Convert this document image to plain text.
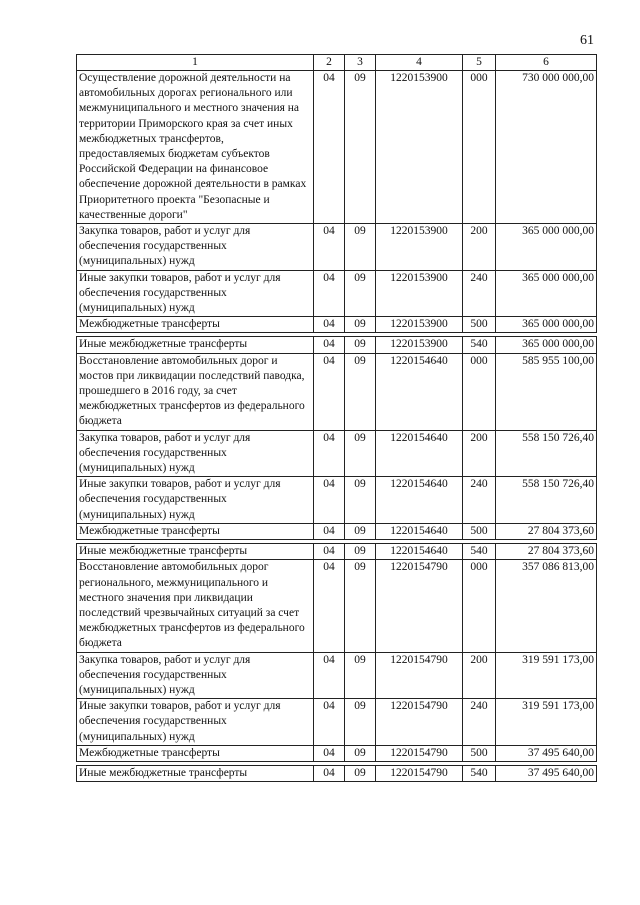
61
1	2	3	4	5	6
Осуществление дорожной деятельности на автомобильных дорогах регионального или межмуниципального и местного значения на территории Приморского края за счет иных межбюджетных трансфертов, предоставляемых бюджетам субъектов Российской Федерации на финансовое обеспечение дорожной деятельности в рамках Приоритетного проекта "Безопасные и качественные дороги"	04	09	1220153900	000	730 000 000,00
Закупка товаров, работ и услуг для обеспечения государственных (муниципальных) нужд	04	09	1220153900	200	365 000 000,00
Иные закупки товаров, работ и услуг для обеспечения государственных (муниципальных) нужд	04	09	1220153900	240	365 000 000,00
Межбюджетные трансферты	04	09	1220153900	500	365 000 000,00

Иные межбюджетные трансферты	04	09	1220153900	540	365 000 000,00
Восстановление автомобильных дорог и мостов при ликвидации последствий паводка, прошедшего в 2016 году, за счет межбюджетных трансфертов из федерального бюджета	04	09	1220154640	000	585 955 100,00
Закупка товаров, работ и услуг для обеспечения государственных (муниципальных) нужд	04	09	1220154640	200	558 150 726,40
Иные закупки товаров, работ и услуг для обеспечения государственных (муниципальных) нужд	04	09	1220154640	240	558 150 726,40
Межбюджетные трансферты	04	09	1220154640	500	27 804 373,60

Иные межбюджетные трансферты	04	09	1220154640	540	27 804 373,60
Восстановление автомобильных дорог регионального, межмуниципального и местного значения при ликвидации последствий чрезвычайных ситуаций за счет межбюджетных трансфертов из федерального бюджета	04	09	1220154790	000	357 086 813,00
Закупка товаров, работ и услуг для обеспечения государственных (муниципальных) нужд	04	09	1220154790	200	319 591 173,00
Иные закупки товаров, работ и услуг для обеспечения государственных (муниципальных) нужд	04	09	1220154790	240	319 591 173,00
Межбюджетные трансферты	04	09	1220154790	500	37 495 640,00

Иные межбюджетные трансферты	04	09	1220154790	540	37 495 640,00
